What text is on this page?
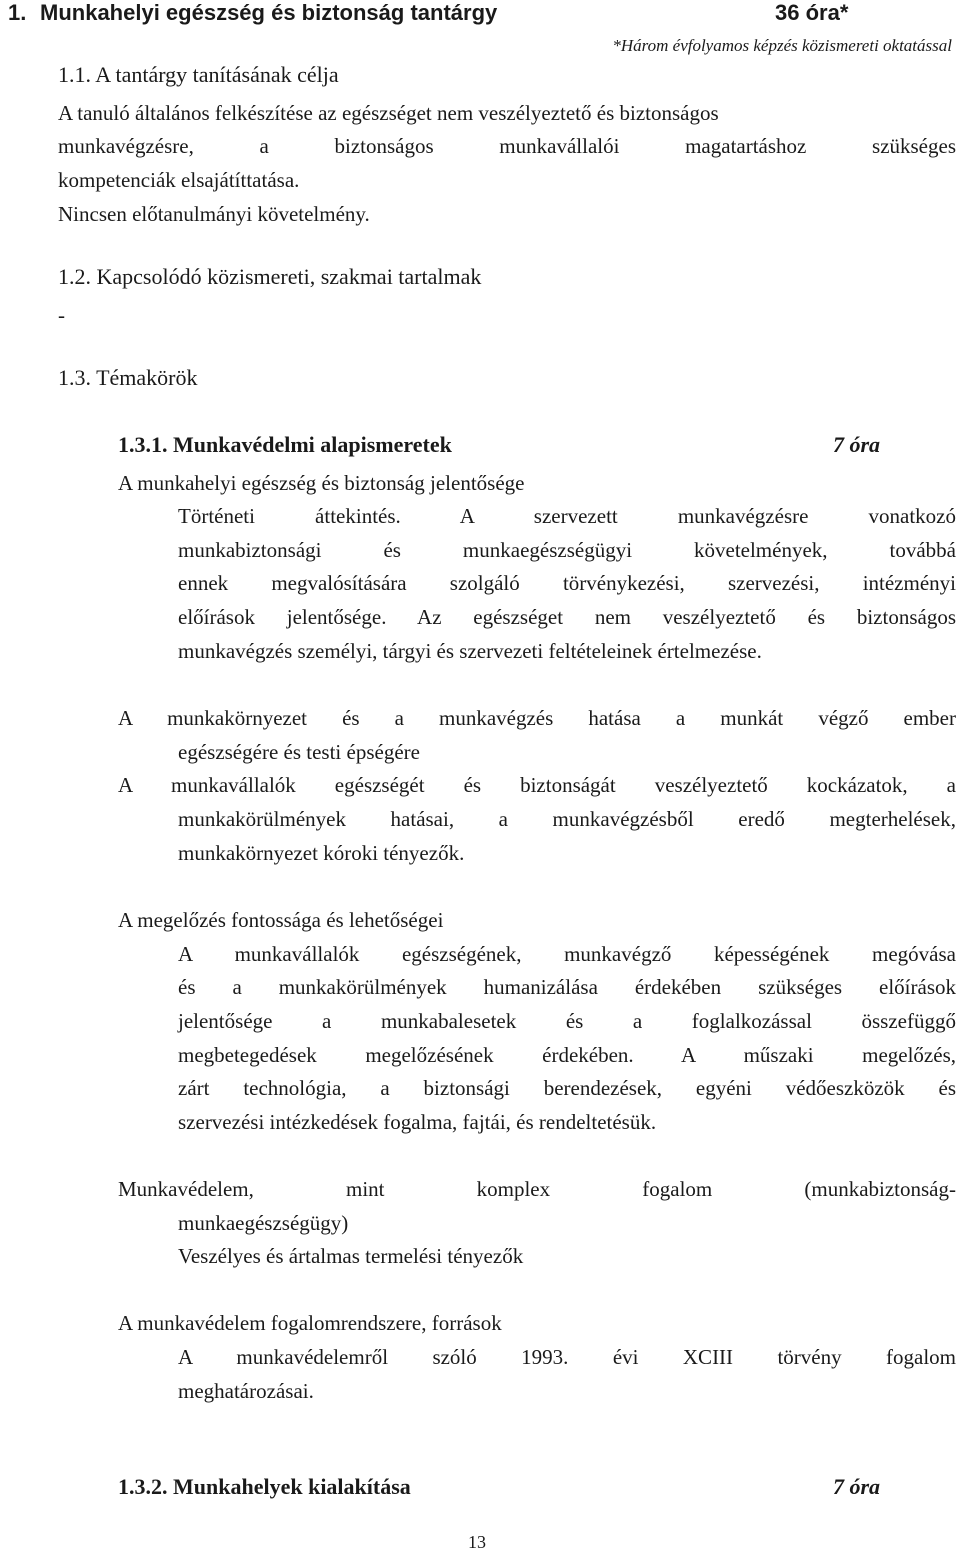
1. Munkahelyi egészség és biztonság tantárgy	36 óra*
*Három évfolyamos képzés közismereti oktatással
1.1. A tantárgy tanításának célja
A tanuló általános felkészítése az egészséget nem veszélyeztető és biztonságos
munkavégzésre, a biztonságos munkavállalói magatartáshoz szükséges
kompetenciák elsajátíttatása.
Nincsen előtanulmányi követelmény.
1.2. Kapcsolódó közismereti, szakmai tartalmak
-
1.3. Témakörök
1.3.1. Munkavédelmi alapismeretek	7 óra
A munkahelyi egészség és biztonság jelentősége
Történeti áttekintés. A szervezett munkavégzésre vonatkozó
munkabiztonsági és munkaegészségügyi követelmények, továbbá
ennek megvalósítására szolgáló törvénykezési, szervezési, intézményi
előírások jelentősége. Az egészséget nem veszélyeztető és biztonságos
munkavégzés személyi, tárgyi és szervezeti feltételeinek értelmezése.
A munkakörnyezet és a munkavégzés hatása a munkát végző ember
egészségére és testi épségére
A munkavállalók egészségét és biztonságát veszélyeztető kockázatok, a
munkakörülmények hatásai, a munkavégzésből eredő megterhelések,
munkakörnyezet kóroki tényezők.
A megelőzés fontossága és lehetőségei
A munkavállalók egészségének, munkavégző képességének megóvása
és a munkakörülmények humanizálása érdekében szükséges előírások
jelentősége a munkabalesetek és a foglalkozással összefüggő
megbetegedések megelőzésének érdekében. A műszaki megelőzés,
zárt technológia, a biztonsági berendezések, egyéni védőeszközök és
szervezési intézkedések fogalma, fajtái, és rendeltetésük.
Munkavédelem, mint komplex fogalom (munkabiztonság-
munkaegészségügy)
Veszélyes és ártalmas termelési tényezők
A munkavédelem fogalomrendszere, források
A munkavédelemről szóló 1993. évi XCIII törvény fogalom
meghatározásai.
1.3.2. Munkahelyek kialakítása	7 óra
13
